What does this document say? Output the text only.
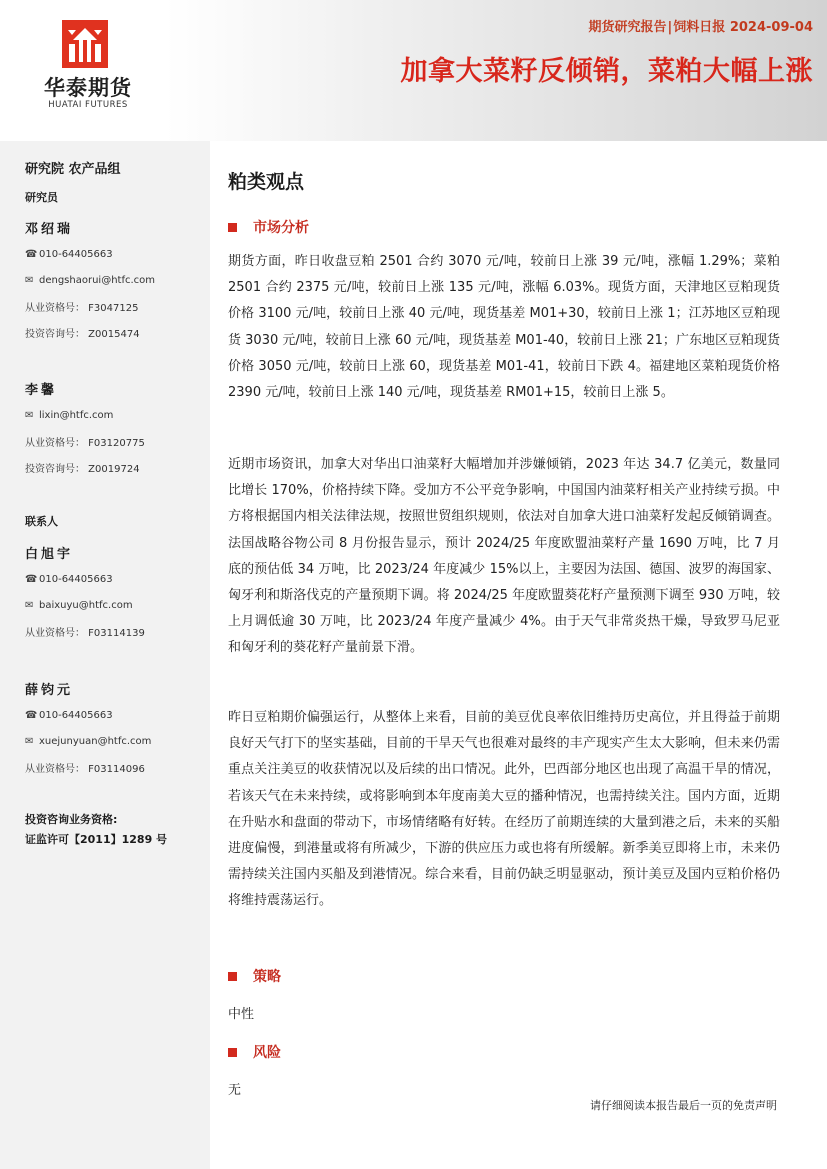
华泰期货
HUATAI FUTURES
期货研究报告|饲料日报 2024-09-04
加拿大菜籽反倾销，菜粕大幅上涨
研究院 农产品组
研究员
邓绍瑞
☎ 010-64405663
✉ dengshaorui@htfc.com
从业资格号： F3047125
投资咨询号： Z0015474
李馨
✉ lixin@htfc.com
从业资格号： F03120775
投资咨询号： Z0019724
联系人
白旭宇
☎ 010-64405663
✉ baixuyu@htfc.com
从业资格号： F03114139
薛钧元
☎ 010-64405663
✉ xuejunyuan@htfc.com
从业资格号： F03114096
投资咨询业务资格:
证监许可【2011】1289 号
粕类观点
市场分析
期货方面，昨日收盘豆粕 2501 合约 3070 元/吨，较前日上涨 39 元/吨，涨幅 1.29%；菜粕 2501 合约 2375 元/吨，较前日上涨 135 元/吨，涨幅 6.03%。现货方面，天津地区豆粕现货价格 3100 元/吨，较前日上涨 40 元/吨，现货基差 M01+30，较前日上涨 1；江苏地区豆粕现货 3030 元/吨，较前日上涨 60 元/吨，现货基差 M01-40，较前日上涨 21；广东地区豆粕现货价格 3050 元/吨，较前日上涨 60，现货基差 M01-41，较前日下跌 4。福建地区菜粕现货价格 2390 元/吨，较前日上涨 140 元/吨，现货基差 RM01+15，较前日上涨 5。
近期市场资讯，加拿大对华出口油菜籽大幅增加并涉嫌倾销，2023 年达 34.7 亿美元，数量同比增长 170%，价格持续下降。受加方不公平竞争影响，中国国内油菜籽相关产业持续亏损。中方将根据国内相关法律法规，按照世贸组织规则，依法对自加拿大进口油菜籽发起反倾销调查。法国战略谷物公司 8 月份报告显示，预计 2024/25 年度欧盟油菜籽产量 1690 万吨，比 7 月底的预估低 34 万吨，比 2023/24 年度减少 15%以上，主要因为法国、德国、波罗的海国家、匈牙利和斯洛伐克的产量预期下调。将 2024/25 年度欧盟葵花籽产量预测下调至 930 万吨，较上月调低逾 30 万吨，比 2023/24 年度产量减少 4%。由于天气非常炎热干燥，导致罗马尼亚和匈牙利的葵花籽产量前景下滑。
昨日豆粕期价偏强运行，从整体上来看，目前的美豆优良率依旧维持历史高位，并且得益于前期良好天气打下的坚实基础，目前的干旱天气也很难对最终的丰产现实产生太大影响，但未来仍需重点关注美豆的收获情况以及后续的出口情况。此外，巴西部分地区也出现了高温干旱的情况，若该天气在未来持续，或将影响到本年度南美大豆的播种情况，也需持续关注。国内方面，近期在升贴水和盘面的带动下，市场情绪略有好转。在经历了前期连续的大量到港之后，未来的买船进度偏慢，到港量或将有所减少，下游的供应压力或也将有所缓解。新季美豆即将上市，未来仍需持续关注国内买船及到港情况。综合来看，目前仍缺乏明显驱动，预计美豆及国内豆粕价格仍将维持震荡运行。
策略
中性
风险
无
请仔细阅读本报告最后一页的免责声明
